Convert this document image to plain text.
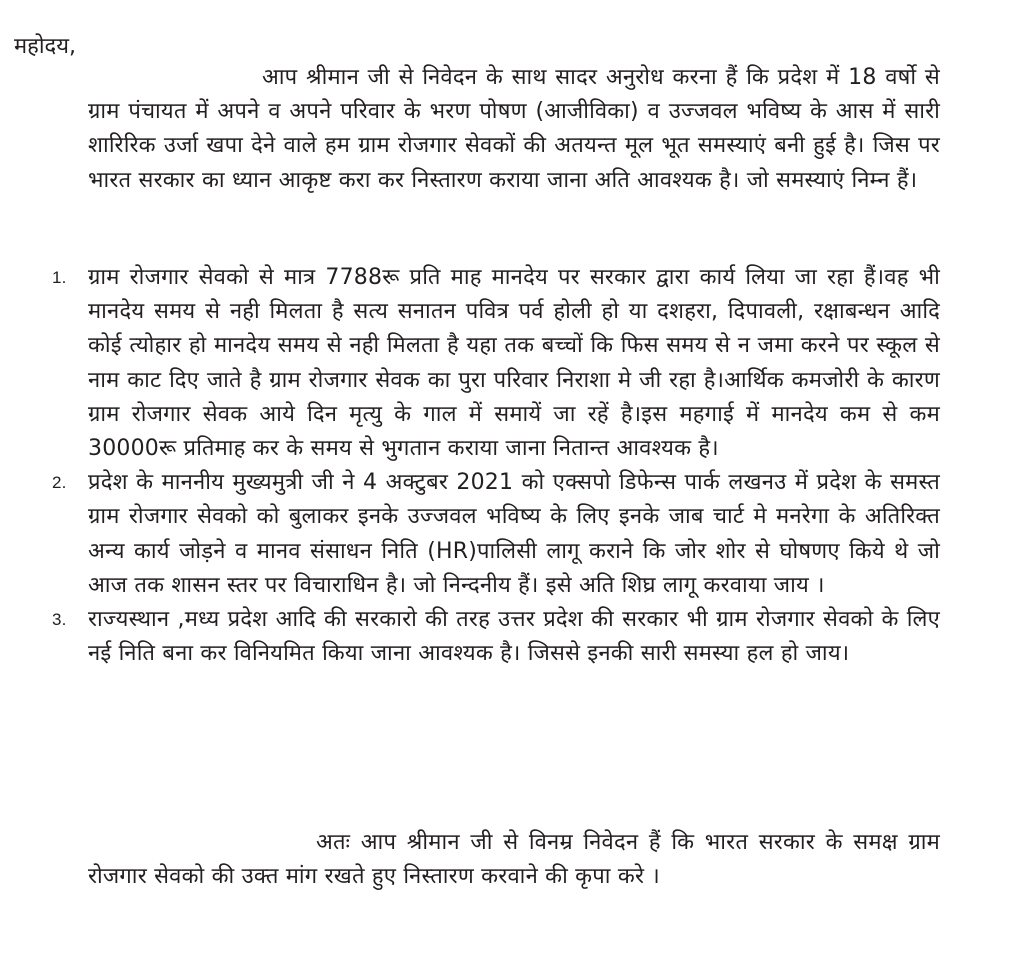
महोदय,
आप श्रीमान जी से निवेदन के साथ सादर अनुरोध करना हैं कि प्रदेश में 18 वर्षो से ग्राम पंचायत में अपने व अपने परिवार के भरण पोषण (आजीविका) व उज्जवल भविष्य के आस में सारी शारिरिक उर्जा खपा देने वाले हम ग्राम रोजगार सेवकों की अतयन्त मूल भूत समस्याएं बनी हुई है। जिस पर भारत सरकार का ध्यान आकृष्ट करा कर निस्तारण कराया जाना अति आवश्यक है। जो समस्याएं निम्न हैं।
1. ग्राम रोजगार सेवको से मात्र 7788रू प्रति माह मानदेय पर सरकार द्वारा कार्य लिया जा रहा हैं।वह भी मानदेय समय से नही मिलता है सत्य सनातन पवित्र पर्व होली हो या दशहरा, दिपावली, रक्षाबन्धन आदि कोई त्योहार हो मानदेय समय से नही मिलता है यहा तक बच्चों कि फिस समय से न जमा करने पर स्कूल से नाम काट दिए जाते है ग्राम रोजगार सेवक का पुरा परिवार निराशा मे जी रहा है।आर्थिक कमजोरी के कारण ग्राम रोजगार सेवक आये दिन मृत्यु के गाल में समायें जा रहें है।इस महगाई में मानदेय कम से कम 30000रू प्रतिमाह कर के समय से भुगतान कराया जाना नितान्त आवश्यक है।
2. प्रदेश के माननीय मुख्यमुत्री जी ने 4 अक्टुबर 2021 को एक्सपो डिफेन्स पार्क लखनउ में प्रदेश के समस्त ग्राम रोजगार सेवको को बुलाकर इनके उज्जवल भविष्य के लिए इनके जाब चार्ट मे मनरेगा के अतिरिक्त अन्य कार्य जोड़ने व मानव संसाधन निति (HR)पालिसी लागू कराने कि जोर शोर से घोषणए किये थे जो आज तक शासन स्तर पर विचाराधिन है। जो निन्दनीय हैं। इसे अति शिघ्र लागू करवाया जाय ।
3. राज्यस्थान ,मध्य प्रदेश आदि की सरकारो की तरह उत्तर प्रदेश की सरकार भी ग्राम रोजगार सेवको के लिए नई निति बना कर विनियमित किया जाना आवश्यक है। जिससे इनकी सारी समस्या हल हो जाय।
अतः आप श्रीमान जी से विनम्र निवेदन हैं कि भारत सरकार के समक्ष ग्राम रोजगार सेवको की उक्त मांग रखते हुए निस्तारण करवाने की कृपा करे ।
